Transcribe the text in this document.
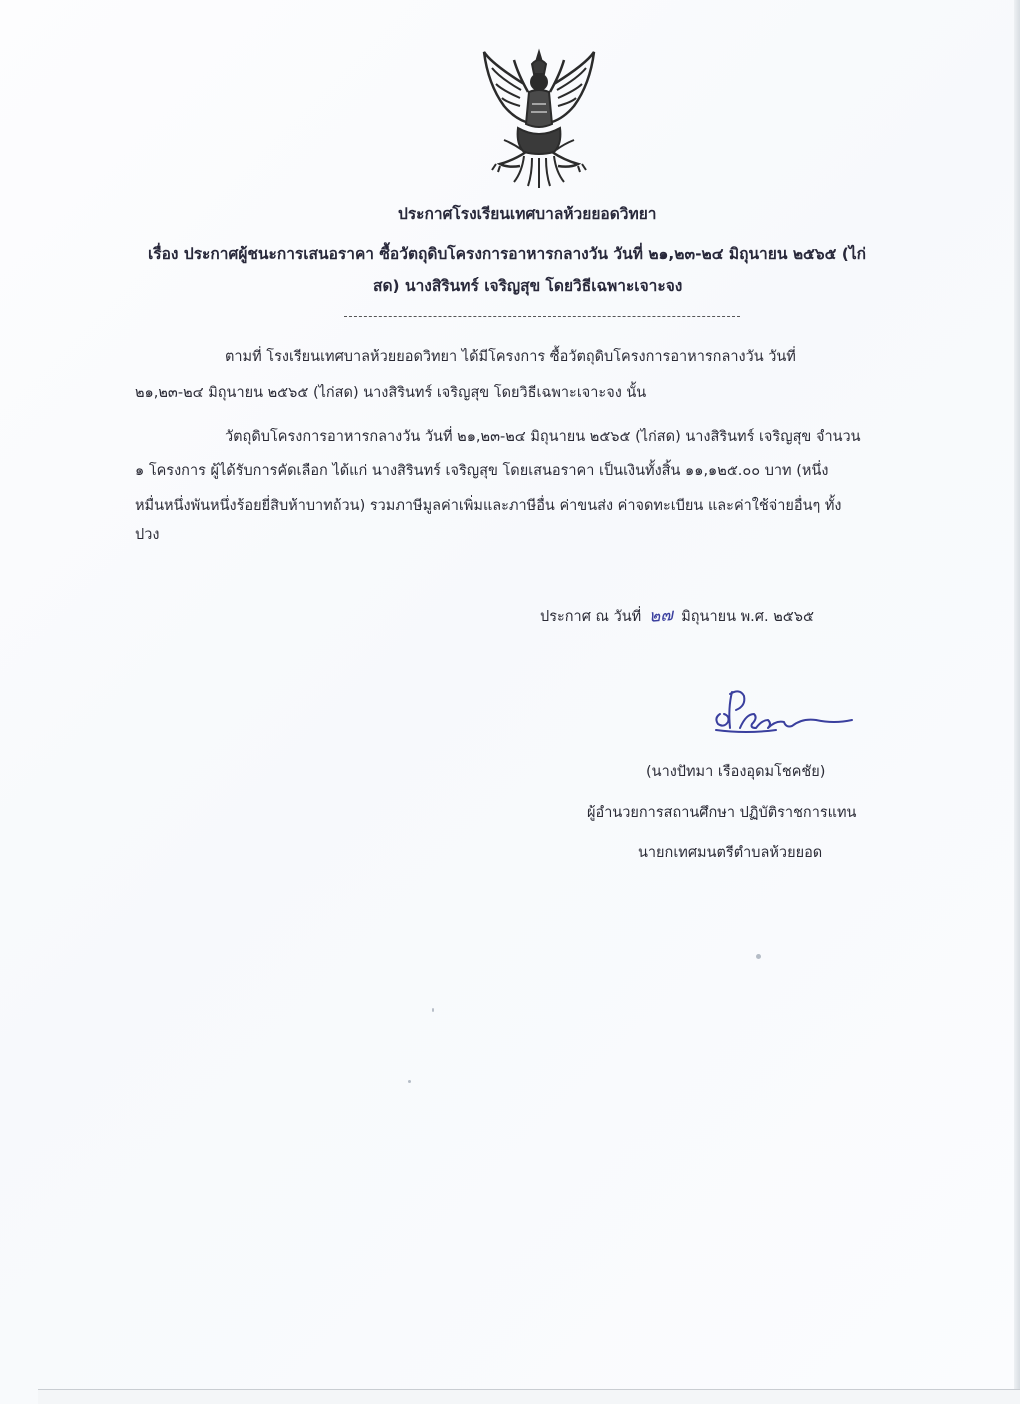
ประกาศโรงเรียนเทศบาลห้วยยอดวิทยา
เรื่อง ประกาศผู้ชนะการเสนอราคา ซื้อวัตถุดิบโครงการอาหารกลางวัน วันที่ ๒๑,๒๓-๒๔ มิถุนายน ๒๕๖๕ (ไก่
สด) นางสิรินทร์ เจริญสุข โดยวิธีเฉพาะเจาะจง
ตามที่ โรงเรียนเทศบาลห้วยยอดวิทยา ได้มีโครงการ ซื้อวัตถุดิบโครงการอาหารกลางวัน วันที่
๒๑,๒๓-๒๔ มิถุนายน ๒๕๖๕ (ไก่สด) นางสิรินทร์ เจริญสุข โดยวิธีเฉพาะเจาะจง นั้น
วัตถุดิบโครงการอาหารกลางวัน วันที่ ๒๑,๒๓-๒๔ มิถุนายน ๒๕๖๕ (ไก่สด) นางสิรินทร์ เจริญสุข จำนวน
๑ โครงการ ผู้ได้รับการคัดเลือก ได้แก่ นางสิรินทร์ เจริญสุข โดยเสนอราคา เป็นเงินทั้งสิ้น ๑๑,๑๒๕.๐๐ บาท (หนึ่ง
หมื่นหนึ่งพันหนึ่งร้อยยี่สิบห้าบาทถ้วน) รวมภาษีมูลค่าเพิ่มและภาษีอื่น ค่าขนส่ง ค่าจดทะเบียน และค่าใช้จ่ายอื่นๆ ทั้ง
ปวง
ประกาศ ณ วันที่ ๒๗ มิถุนายน พ.ศ. ๒๕๖๕
(นางปัทมา เรืองอุดมโชคชัย)
ผู้อำนวยการสถานศึกษา ปฏิบัติราชการแทน
นายกเทศมนตรีตำบลห้วยยอด
